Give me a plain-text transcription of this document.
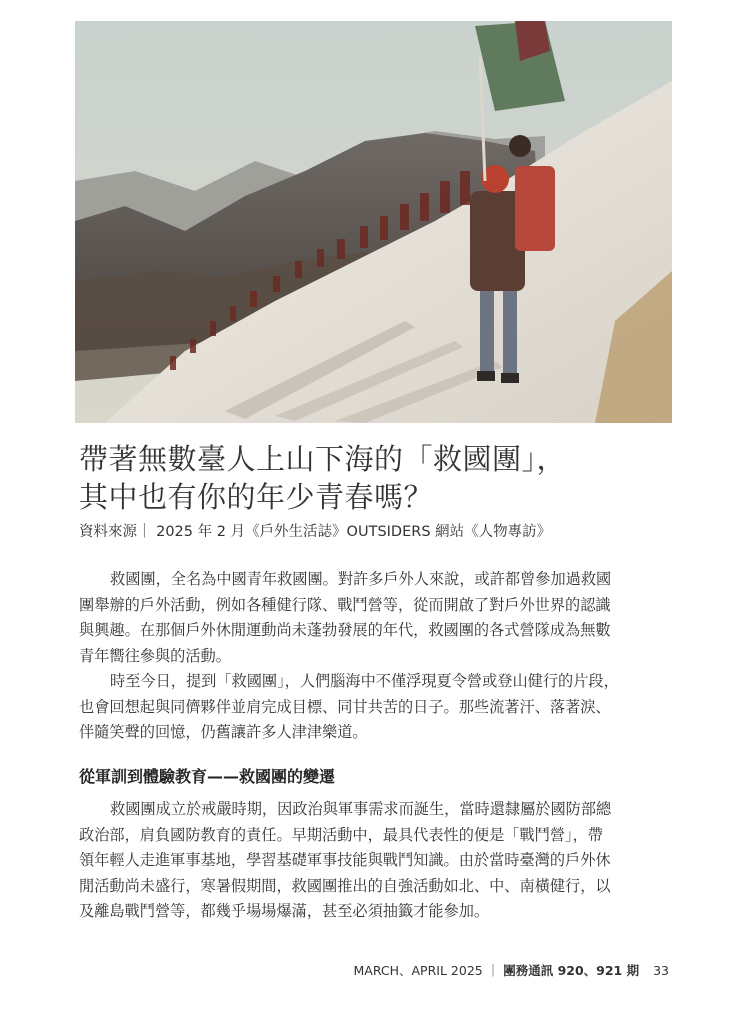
帶著無數臺人上山下海的「救國團」，
其中也有你的年少青春嗎？
資料來源｜ 2025 年 2 月《戶外生活誌》OUTSIDERS 網站《人物專訪》

救國團，全名為中國青年救國團。對許多戶外人來說，或許都曾參加過救國
團舉辦的戶外活動，例如各種健行隊、戰鬥營等，從而開啟了對戶外世界的認識
與興趣。在那個戶外休閒運動尚未蓬勃發展的年代，救國團的各式營隊成為無數
青年嚮往參與的活動。

時至今日，提到「救國團」，人們腦海中不僅浮現夏令營或登山健行的片段，
也會回想起與同儕夥伴並肩完成目標、同甘共苦的日子。那些流著汗、落著淚、
伴隨笑聲的回憶，仍舊讓許多人津津樂道。

從軍訓到體驗教育——救國團的變遷

救國團成立於戒嚴時期，因政治與軍事需求而誕生，當時還隸屬於國防部總
政治部，肩負國防教育的責任。早期活動中，最具代表性的便是「戰鬥營」，帶
領年輕人走進軍事基地，學習基礎軍事技能與戰鬥知識。由於當時臺灣的戶外休
閒活動尚未盛行，寒暑假期間，救國團推出的自強活動如北、中、南橫健行，以
及離島戰鬥營等，都幾乎場場爆滿，甚至必須抽籤才能參加。

MARCH、APRIL 2025 ｜ 團務通訊 920、921 期 33
